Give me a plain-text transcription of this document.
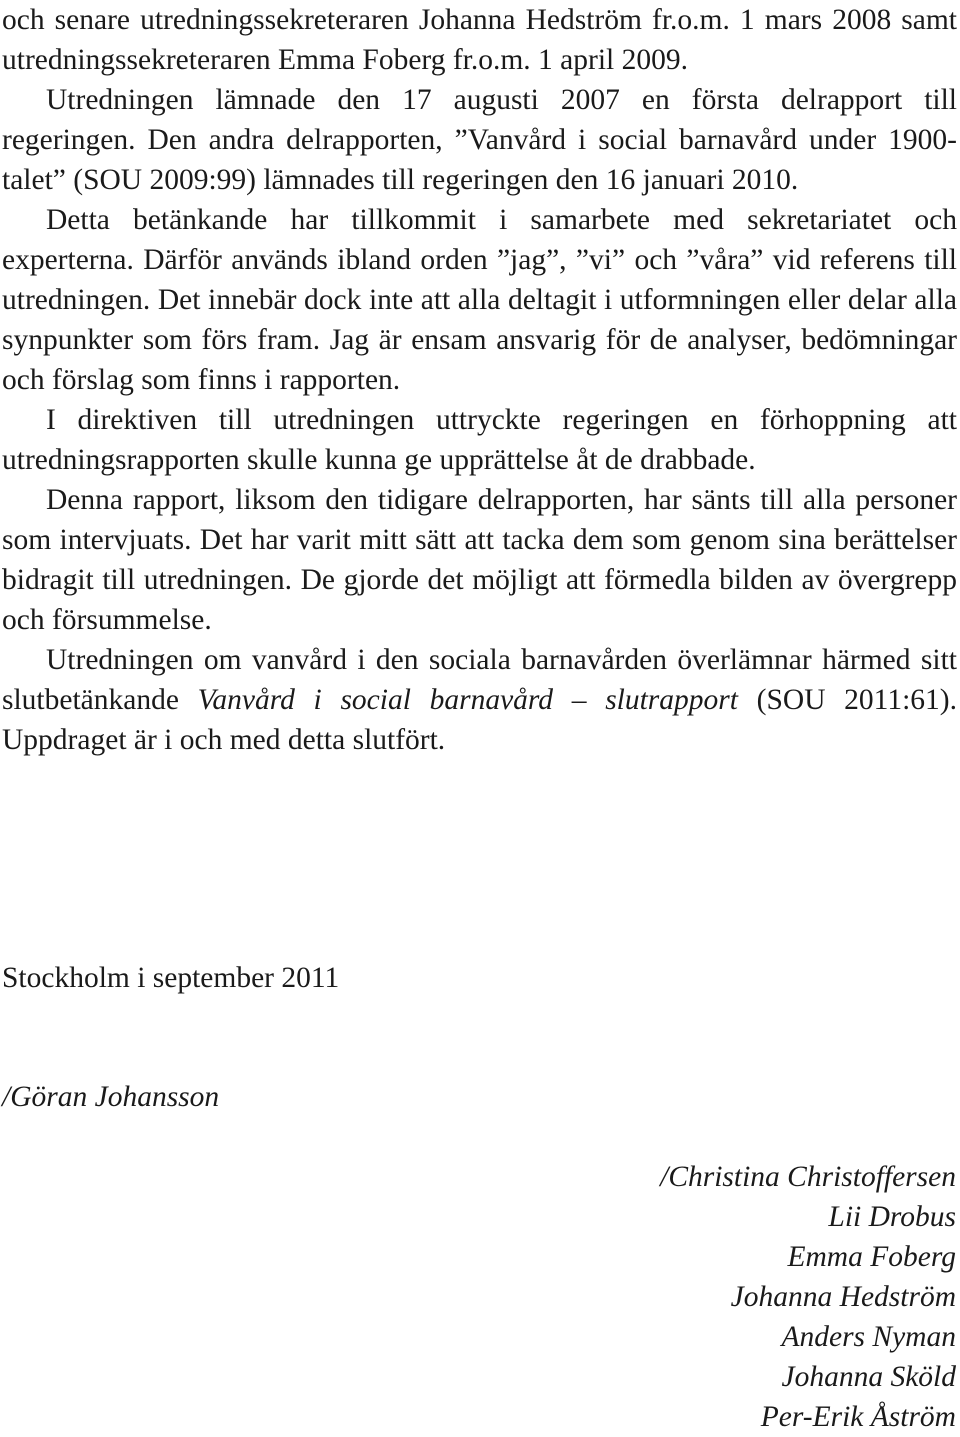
och senare utredningssekreteraren Johanna Hedström fr.o.m. 1 mars 2008 samt utredningssekreteraren Emma Foberg fr.o.m. 1 april 2009.

Utredningen lämnade den 17 augusti 2007 en första delrapport till regeringen. Den andra delrapporten, ”Vanvård i social barnavård under 1900-talet” (SOU 2009:99) lämnades till regeringen den 16 januari 2010.

Detta betänkande har tillkommit i samarbete med sekretariatet och experterna. Därför används ibland orden ”jag”, ”vi” och ”våra” vid referens till utredningen. Det innebär dock inte att alla deltagit i utformningen eller delar alla synpunkter som förs fram. Jag är ensam ansvarig för de analyser, bedömningar och förslag som finns i rapporten.

I direktiven till utredningen uttryckte regeringen en förhoppning att utredningsrapporten skulle kunna ge upprättelse åt de drabbade.

Denna rapport, liksom den tidigare delrapporten, har sänts till alla personer som intervjuats. Det har varit mitt sätt att tacka dem som genom sina berättelser bidragit till utredningen. De gjorde det möjligt att förmedla bilden av övergrepp och försummelse.

Utredningen om vanvård i den sociala barnavården överlämnar härmed sitt slutbetänkande Vanvård i social barnavård – slutrapport (SOU 2011:61). Uppdraget är i och med detta slutfört.

Stockholm i september 2011
/Göran Johansson
/Christina Christoffersen
Lii Drobus
Emma Foberg
Johanna Hedström
Anders Nyman
Johanna Sköld
Per-Erik Åström
